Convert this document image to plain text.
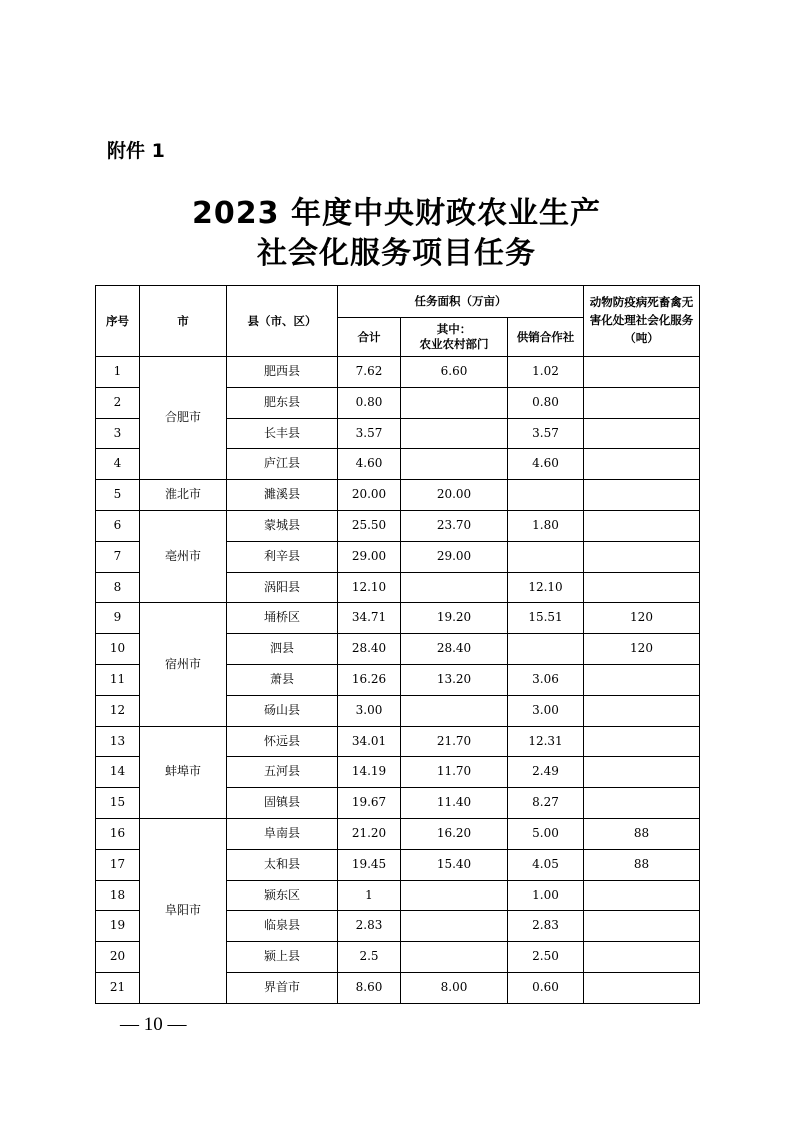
附件 1
2023 年度中央财政农业生产
社会化服务项目任务
序号	市	县（市、区）	任务面积（万亩）			动物防疫病死畜禽无害化处理社会化服务（吨）
			合计	其中：
农业农村部门	供销合作社	
1	合肥市	肥西县	7.62	6.60	1.02	
2		肥东县	0.80		0.80	
3		长丰县	3.57		3.57	
4		庐江县	4.60		4.60	
5	淮北市	濉溪县	20.00	20.00		
6	亳州市	蒙城县	25.50	23.70	1.80	
7		利辛县	29.00	29.00		
8		涡阳县	12.10		12.10	
9	宿州市	埇桥区	34.71	19.20	15.51	120
10		泗县	28.40	28.40		120
11		萧县	16.26	13.20	3.06	
12		砀山县	3.00		3.00	
13	蚌埠市	怀远县	34.01	21.70	12.31	
14		五河县	14.19	11.70	2.49	
15		固镇县	19.67	11.40	8.27	
16	阜阳市	阜南县	21.20	16.20	5.00	88
17		太和县	19.45	15.40	4.05	88
18		颍东区	1		1.00	
19		临泉县	2.83		2.83	
20		颍上县	2.5		2.50	
21		界首市	8.60	8.00	0.60	
— 10 —
